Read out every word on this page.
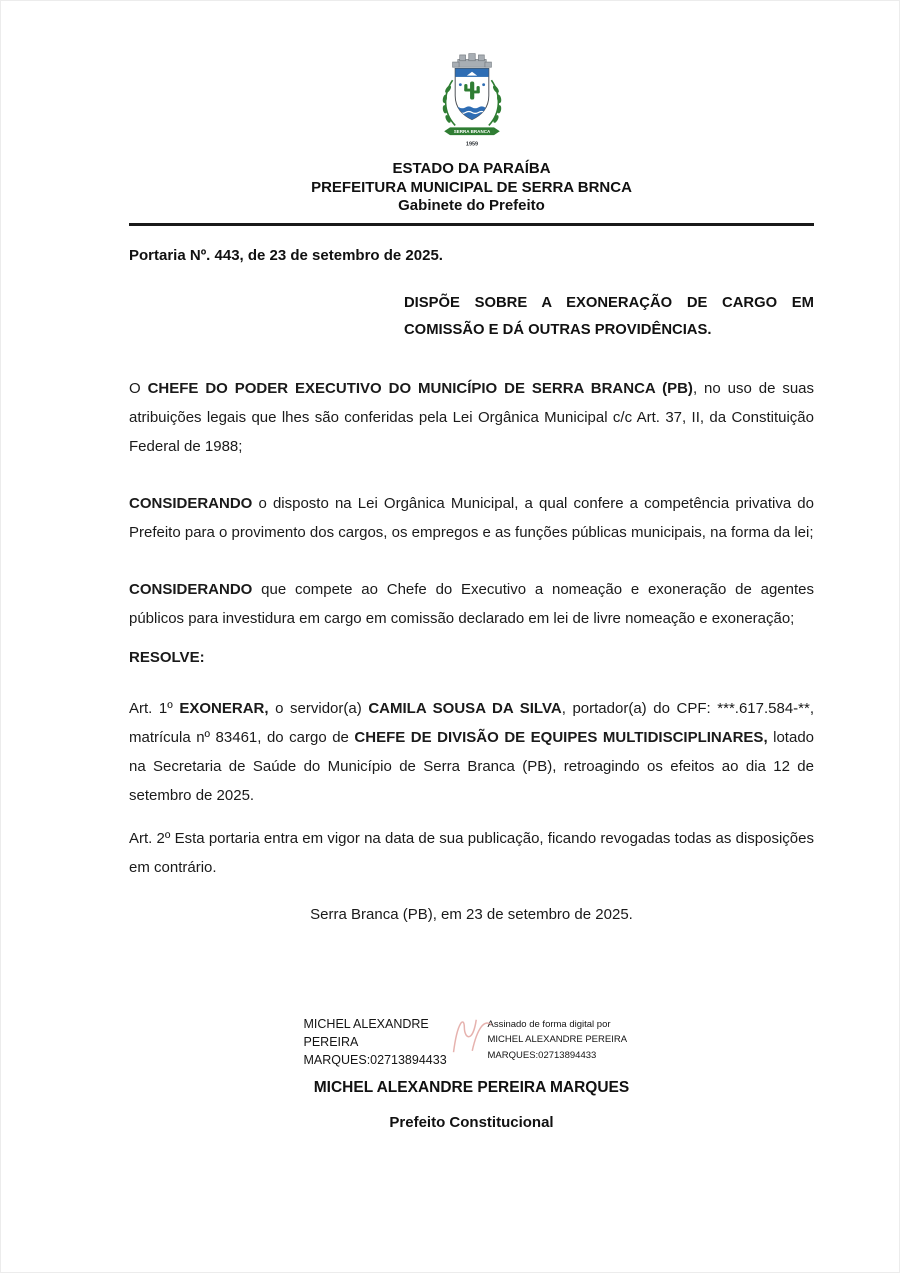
SERRA BRANCA
1959
ESTADO DA PARAÍBA
PREFEITURA MUNICIPAL DE SERRA BRNCA
Gabinete do Prefeito

Portaria Nº. 443, de 23 de setembro de 2025.

DISPÕE SOBRE A EXONERAÇÃO DE CARGO EM COMISSÃO E DÁ OUTRAS PROVIDÊNCIAS.

O CHEFE DO PODER EXECUTIVO DO MUNICÍPIO DE SERRA BRANCA (PB), no uso de suas atribuições legais que lhes são conferidas pela Lei Orgânica Municipal c/c Art. 37, II, da Constituição Federal de 1988;

CONSIDERANDO o disposto na Lei Orgânica Municipal, a qual confere a competência privativa do Prefeito para o provimento dos cargos, os empregos e as funções públicas municipais, na forma da lei;

CONSIDERANDO que compete ao Chefe do Executivo a nomeação e exoneração de agentes públicos para investidura em cargo em comissão declarado em lei de livre nomeação e exoneração;

RESOLVE:

Art. 1º EXONERAR, o servidor(a) CAMILA SOUSA DA SILVA, portador(a) do CPF: ***.617.584-**, matrícula nº 83461, do cargo de CHEFE DE DIVISÃO DE EQUIPES MULTIDISCIPLINARES, lotado na Secretaria de Saúde do Município de Serra Branca (PB), retroagindo os efeitos ao dia 12 de setembro de 2025.

Art. 2º Esta portaria entra em vigor na data de sua publicação, ficando revogadas todas as disposições em contrário.

Serra Branca (PB), em 23 de setembro de 2025.

MICHEL ALEXANDRE PEREIRA MARQUES:02713894433
Assinado de forma digital por MICHEL ALEXANDRE PEREIRA MARQUES:02713894433
MICHEL ALEXANDRE PEREIRA MARQUES
Prefeito Constitucional
